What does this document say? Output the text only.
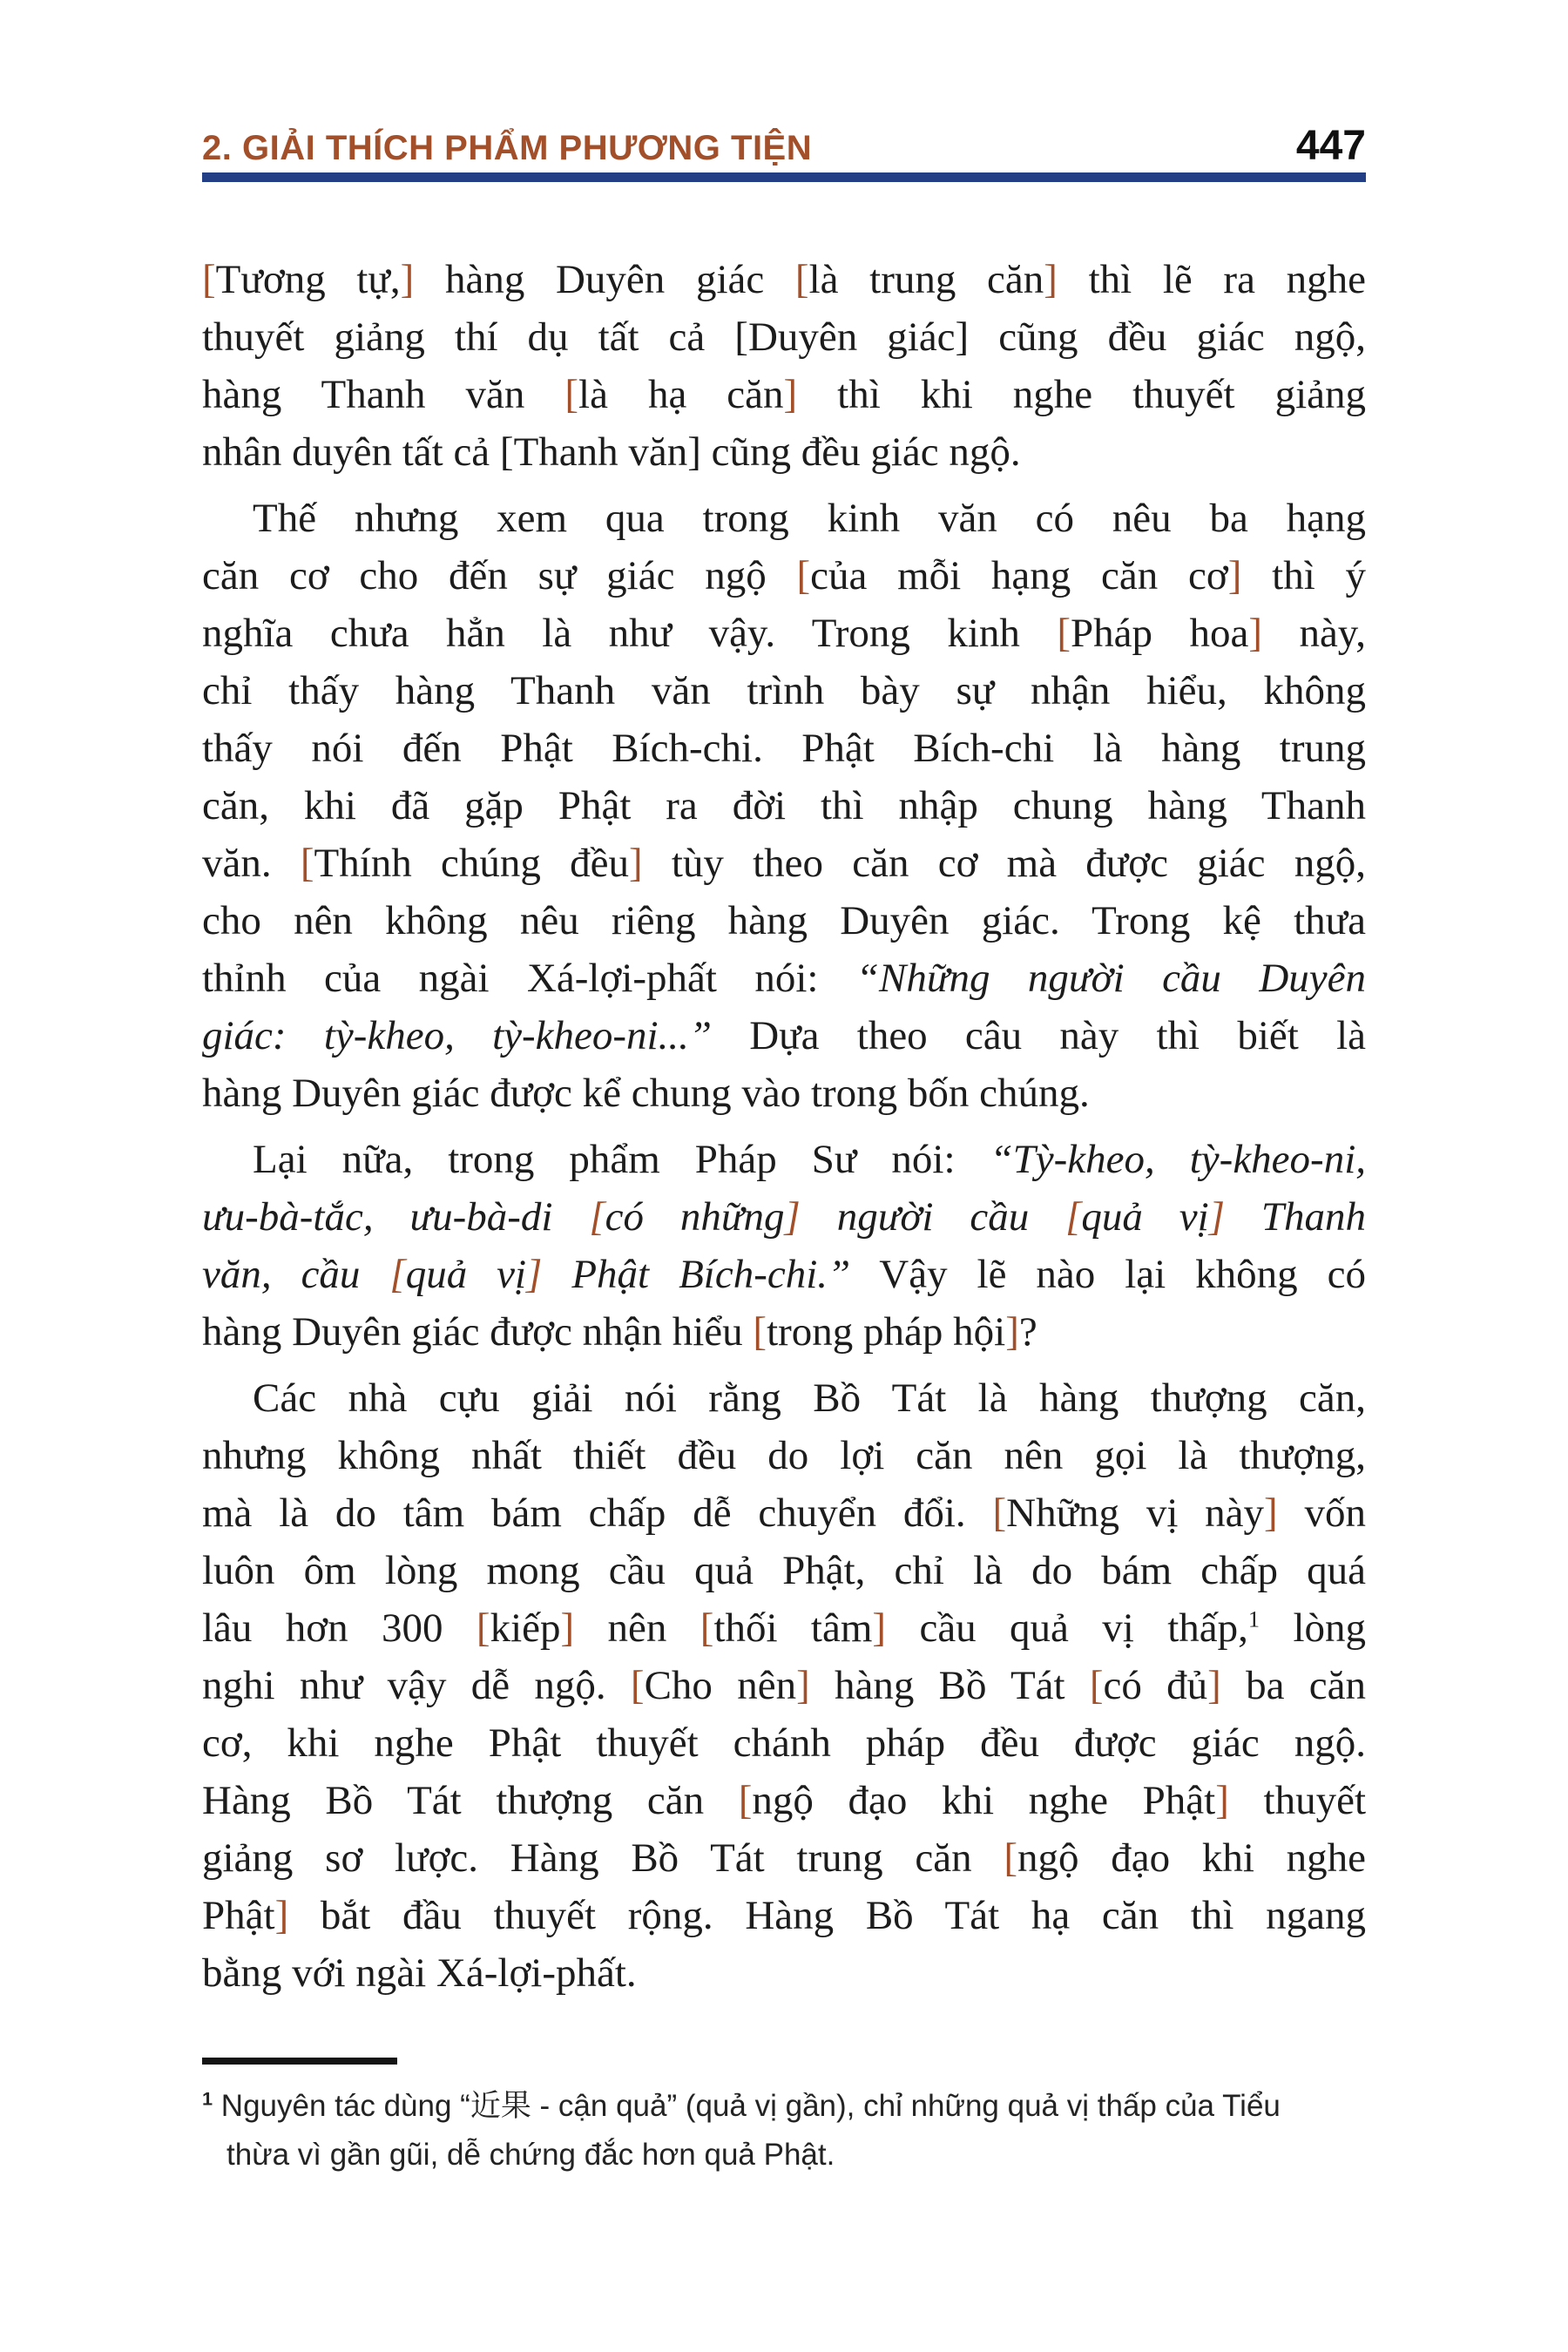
2. GIẢI THÍCH PHẨM PHƯƠNG TIỆN	447
[Tương tự,] hàng Duyên giác [là trung căn] thì lẽ ra nghe
thuyết giảng thí dụ tất cả [Duyên giác] cũng đều giác ngộ,
hàng Thanh văn [là hạ căn] thì khi nghe thuyết giảng
nhân duyên tất cả [Thanh văn] cũng đều giác ngộ.
Thế nhưng xem qua trong kinh văn có nêu ba hạng
căn cơ cho đến sự giác ngộ [của mỗi hạng căn cơ] thì ý
nghĩa chưa hẳn là như vậy. Trong kinh [Pháp hoa] này,
chỉ thấy hàng Thanh văn trình bày sự nhận hiểu, không
thấy nói đến Phật Bích-chi. Phật Bích-chi là hàng trung
căn, khi đã gặp Phật ra đời thì nhập chung hàng Thanh
văn. [Thính chúng đều] tùy theo căn cơ mà được giác ngộ,
cho nên không nêu riêng hàng Duyên giác. Trong kệ thưa
thỉnh của ngài Xá-lợi-phất nói: “Những người cầu Duyên
giác: tỳ-kheo, tỳ-kheo-ni...” Dựa theo câu này thì biết là
hàng Duyên giác được kể chung vào trong bốn chúng.
Lại nữa, trong phẩm Pháp Sư nói: “Tỳ-kheo, tỳ-kheo-ni,
ưu-bà-tắc, ưu-bà-di [có những] người cầu [quả vị] Thanh
văn, cầu [quả vị] Phật Bích-chi.” Vậy lẽ nào lại không có
hàng Duyên giác được nhận hiểu [trong pháp hội]?
Các nhà cựu giải nói rằng Bồ Tát là hàng thượng căn,
nhưng không nhất thiết đều do lợi căn nên gọi là thượng,
mà là do tâm bám chấp dễ chuyển đổi. [Những vị này] vốn
luôn ôm lòng mong cầu quả Phật, chỉ là do bám chấp quá
lâu hơn 300 [kiếp] nên [thối tâm] cầu quả vị thấp,$^1$ lòng
nghi như vậy dễ ngộ. [Cho nên] hàng Bồ Tát [có đủ] ba căn
cơ, khi nghe Phật thuyết chánh pháp đều được giác ngộ.
Hàng Bồ Tát thượng căn [ngộ đạo khi nghe Phật] thuyết
giảng sơ lược. Hàng Bồ Tát trung căn [ngộ đạo khi nghe
Phật] bắt đầu thuyết rộng. Hàng Bồ Tát hạ căn thì ngang
bằng với ngài Xá-lợi-phất.
$^1$ Nguyên tác dùng “近果 - cận quả” (quả vị gần), chỉ những quả vị thấp của Tiểu
thừa vì gần gũi, dễ chứng đắc hơn quả Phật.
